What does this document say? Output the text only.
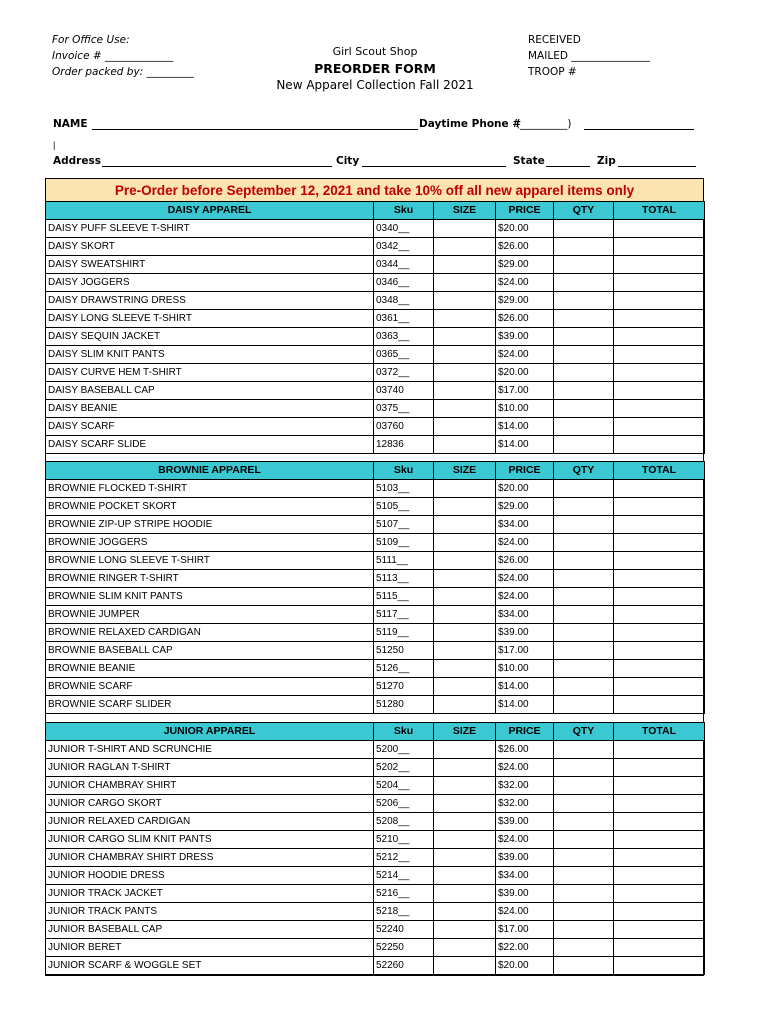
For Office Use:
Invoice # _____________
Order packed by: _________
Girl Scout Shop
PREORDER FORM
New Apparel Collection Fall 2021
RECEIVED
MAILED _______________
TROOP #
NAME	Daytime Phone #
(_________)
|
Address	City	State	Zip
Pre-Order before September 12, 2021 and take 10% off all new apparel items only
DAISY APPAREL	Sku	SIZE	PRICE	QTY	TOTAL
DAISY PUFF SLEEVE T-SHIRT	0340__		$20.00		
DAISY SKORT	0342__		$26.00		
DAISY SWEATSHIRT	0344__		$29.00		
DAISY JOGGERS	0346__		$24.00		
DAISY DRAWSTRING DRESS	0348__		$29.00		
DAISY LONG SLEEVE T-SHIRT	0361__		$26.00		
DAISY SEQUIN JACKET	0363__		$39.00		
DAISY SLIM KNIT PANTS	0365__		$24.00		
DAISY CURVE HEM T-SHIRT	0372__		$20.00		
DAISY BASEBALL CAP	03740		$17.00		
DAISY BEANIE	0375__		$10.00		
DAISY SCARF	03760		$14.00		
DAISY SCARF SLIDE	12836		$14.00		
BROWNIE APPAREL	Sku	SIZE	PRICE	QTY	TOTAL
BROWNIE FLOCKED T-SHIRT	5103__		$20.00		
BROWNIE POCKET SKORT	5105__		$29.00		
BROWNIE ZIP-UP STRIPE HOODIE	5107__		$34.00		
BROWNIE JOGGERS	5109__		$24.00		
BROWNIE LONG SLEEVE T-SHIRT	5111__		$26.00		
BROWNIE RINGER T-SHIRT	5113__		$24.00		
BROWNIE SLIM KNIT PANTS	5115__		$24.00		
BROWNIE JUMPER	5117__		$34.00		
BROWNIE RELAXED CARDIGAN	5119__		$39.00		
BROWNIE BASEBALL CAP	51250		$17.00		
BROWNIE BEANIE	5126__		$10.00		
BROWNIE SCARF	51270		$14.00		
BROWNIE SCARF SLIDER	51280		$14.00		
JUNIOR APPAREL	Sku	SIZE	PRICE	QTY	TOTAL
JUNIOR T-SHIRT AND SCRUNCHIE	5200__		$26.00		
JUNIOR RAGLAN T-SHIRT	5202__		$24.00		
JUNIOR CHAMBRAY SHIRT	5204__		$32.00		
JUNIOR CARGO SKORT	5206__		$32.00		
JUNIOR RELAXED CARDIGAN	5208__		$39.00		
JUNIOR CARGO SLIM KNIT PANTS	5210__		$24.00		
JUNIOR CHAMBRAY SHIRT DRESS	5212__		$39.00		
JUNIOR HOODIE DRESS	5214__		$34.00		
JUNIOR TRACK JACKET	5216__		$39.00		
JUNIOR TRACK PANTS	5218__		$24.00		
JUNIOR BASEBALL CAP	52240		$17.00		
JUNIOR BERET	52250		$22.00		
JUNIOR SCARF & WOGGLE SET	52260		$20.00		
